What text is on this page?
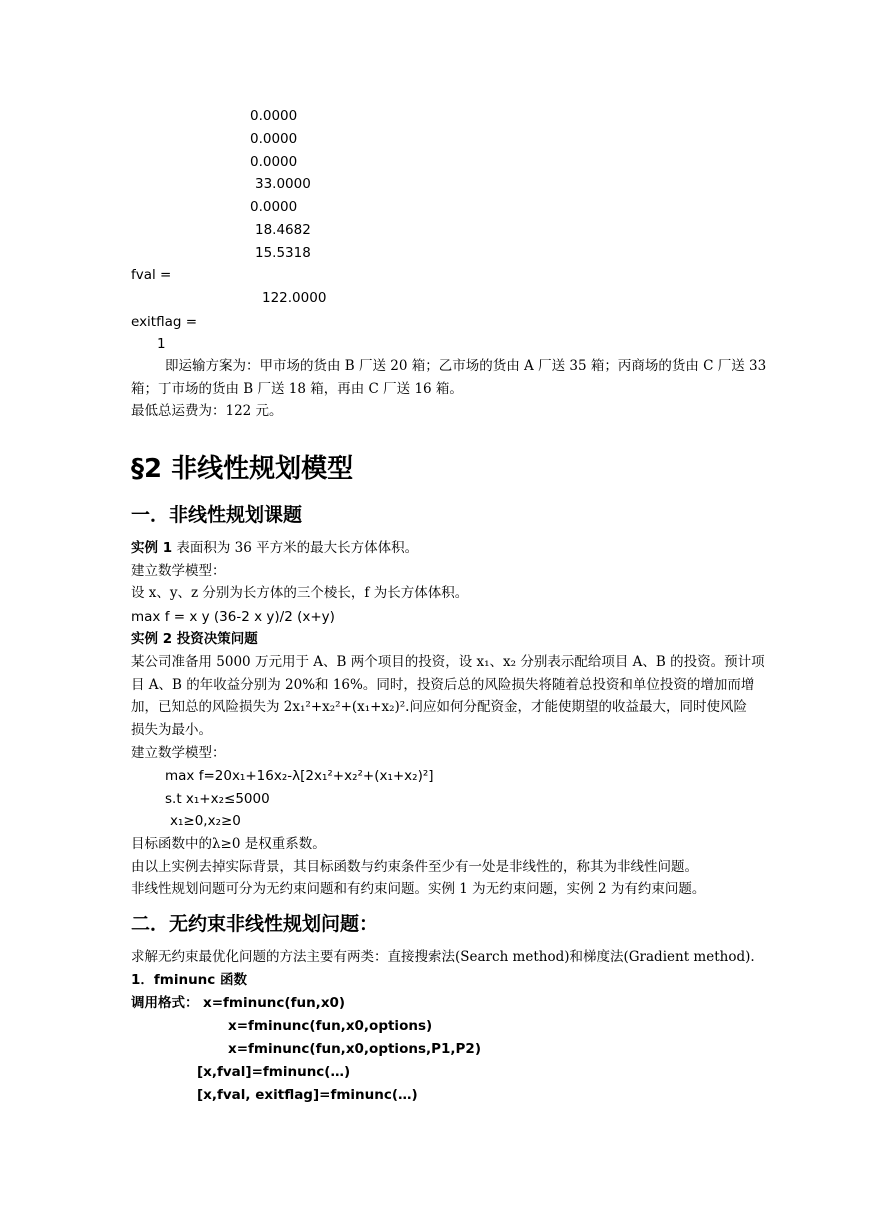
0.0000
0.0000
0.0000
33.0000
0.0000
18.4682
15.5318
fval =
122.0000
exitflag =
1
即运输方案为：甲市场的货由 B 厂送 20 箱；乙市场的货由 A 厂送 35 箱；丙商场的货由 C 厂送 33
箱；丁市场的货由 B 厂送 18 箱，再由 C 厂送 16 箱。
最低总运费为：122 元。
§2 非线性规划模型
一．非线性规划课题
实例 1 表面积为 36 平方米的最大长方体体积。
建立数学模型：
设 x、y、z 分别为长方体的三个棱长，f 为长方体体积。
max f = x y (36-2 x y)/2 (x+y)
实例 2 投资决策问题
某公司准备用 5000 万元用于 A、B 两个项目的投资，设 x₁、x₂ 分别表示配给项目 A、B 的投资。预计项
目 A、B 的年收益分别为 20%和 16%。同时，投资后总的风险损失将随着总投资和单位投资的增加而增
加，已知总的风险损失为 2x₁²+x₂²+(x₁+x₂)².问应如何分配资金，才能使期望的收益最大，同时使风险
损失为最小。
建立数学模型：
max f=20x₁+16x₂-λ[2x₁²+x₂²+(x₁+x₂)²]
s.t x₁+x₂≤5000
x₁≥0,x₂≥0
目标函数中的λ≥0 是权重系数。
由以上实例去掉实际背景，其目标函数与约束条件至少有一处是非线性的，称其为非线性问题。
非线性规划问题可分为无约束问题和有约束问题。实例 1 为无约束问题，实例 2 为有约束问题。
二．无约束非线性规划问题：
求解无约束最优化问题的方法主要有两类：直接搜索法(Search method)和梯度法(Gradient method).
1．fminunc 函数
调用格式： x=fminunc(fun,x0)
x=fminunc(fun,x0,options)
x=fminunc(fun,x0,options,P1,P2)
[x,fval]=fminunc(…)
[x,fval, exitflag]=fminunc(…)
